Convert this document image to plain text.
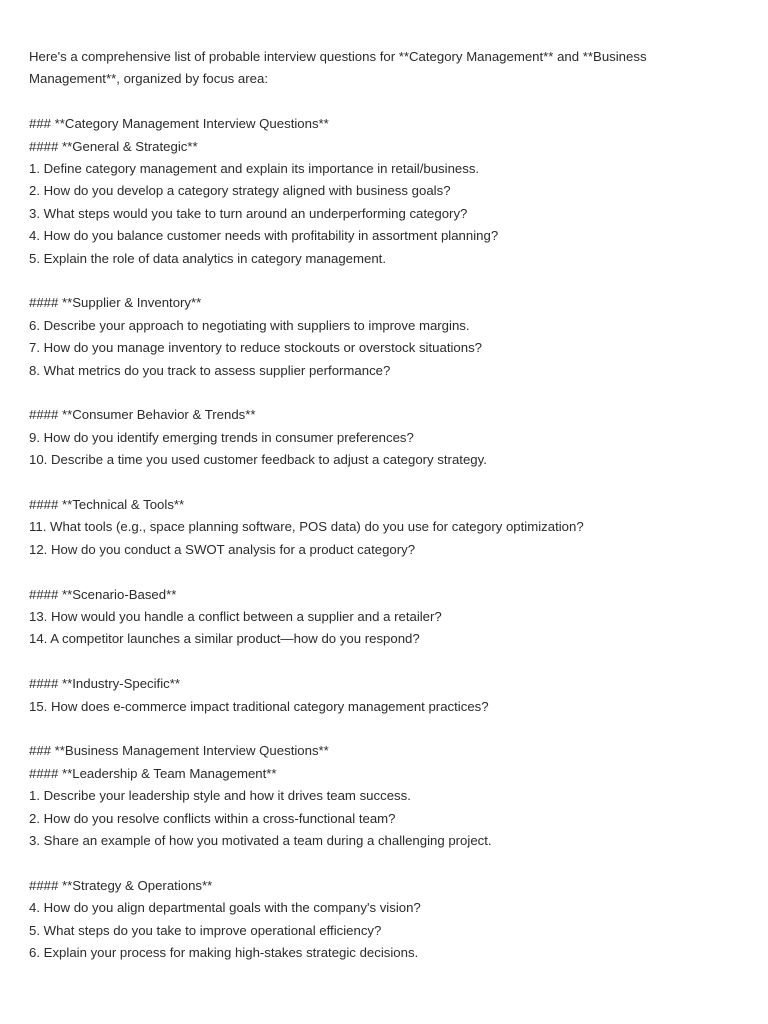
Here's a comprehensive list of probable interview questions for **Category Management** and **Business Management**, organized by focus area:
### **Category Management Interview Questions**
#### **General & Strategic**
1. Define category management and explain its importance in retail/business.
2. How do you develop a category strategy aligned with business goals?
3. What steps would you take to turn around an underperforming category?
4. How do you balance customer needs with profitability in assortment planning?
5. Explain the role of data analytics in category management.
#### **Supplier & Inventory**
6. Describe your approach to negotiating with suppliers to improve margins.
7. How do you manage inventory to reduce stockouts or overstock situations?
8. What metrics do you track to assess supplier performance?
#### **Consumer Behavior & Trends**
9. How do you identify emerging trends in consumer preferences?
10. Describe a time you used customer feedback to adjust a category strategy.
#### **Technical & Tools**
11. What tools (e.g., space planning software, POS data) do you use for category optimization?
12. How do you conduct a SWOT analysis for a product category?
#### **Scenario-Based**
13. How would you handle a conflict between a supplier and a retailer?
14. A competitor launches a similar product—how do you respond?
#### **Industry-Specific**
15. How does e-commerce impact traditional category management practices?
### **Business Management Interview Questions**
#### **Leadership & Team Management**
1. Describe your leadership style and how it drives team success.
2. How do you resolve conflicts within a cross-functional team?
3. Share an example of how you motivated a team during a challenging project.
#### **Strategy & Operations**
4. How do you align departmental goals with the company's vision?
5. What steps do you take to improve operational efficiency?
6. Explain your process for making high-stakes strategic decisions.
